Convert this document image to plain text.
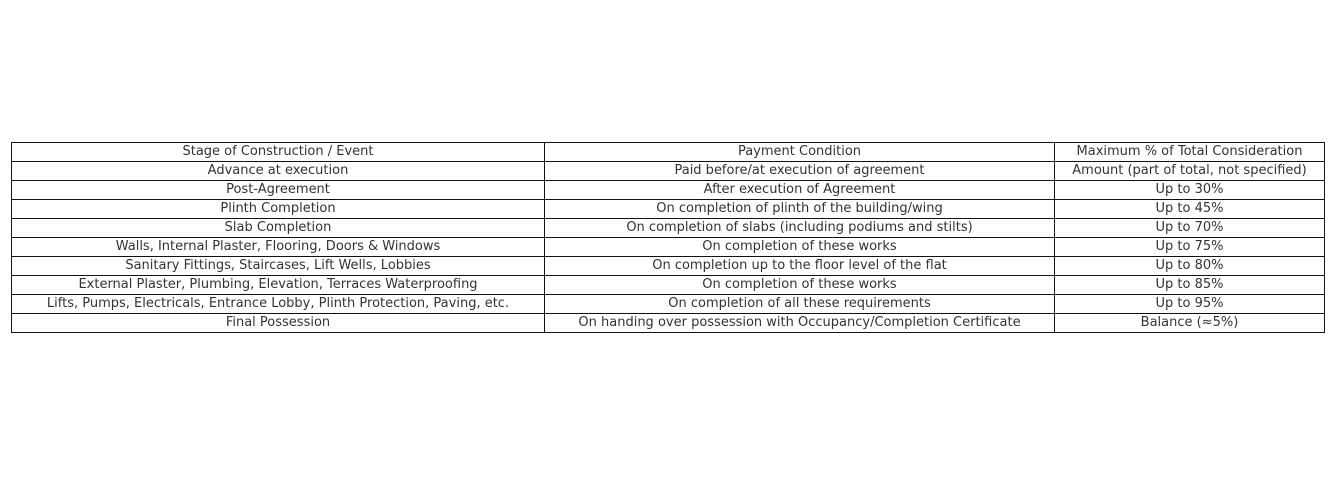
Stage of Construction / Event	Payment Condition	Maximum % of Total Consideration
Advance at execution	Paid before/at execution of agreement	Amount (part of total, not specified)
Post-Agreement	After execution of Agreement	Up to 30%
Plinth Completion	On completion of plinth of the building/wing	Up to 45%
Slab Completion	On completion of slabs (including podiums and stilts)	Up to 70%
Walls, Internal Plaster, Flooring, Doors & Windows	On completion of these works	Up to 75%
Sanitary Fittings, Staircases, Lift Wells, Lobbies	On completion up to the floor level of the flat	Up to 80%
External Plaster, Plumbing, Elevation, Terraces Waterproofing	On completion of these works	Up to 85%
Lifts, Pumps, Electricals, Entrance Lobby, Plinth Protection, Paving, etc.	On completion of all these requirements	Up to 95%
Final Possession	On handing over possession with Occupancy/Completion Certificate	Balance (≈5%)
